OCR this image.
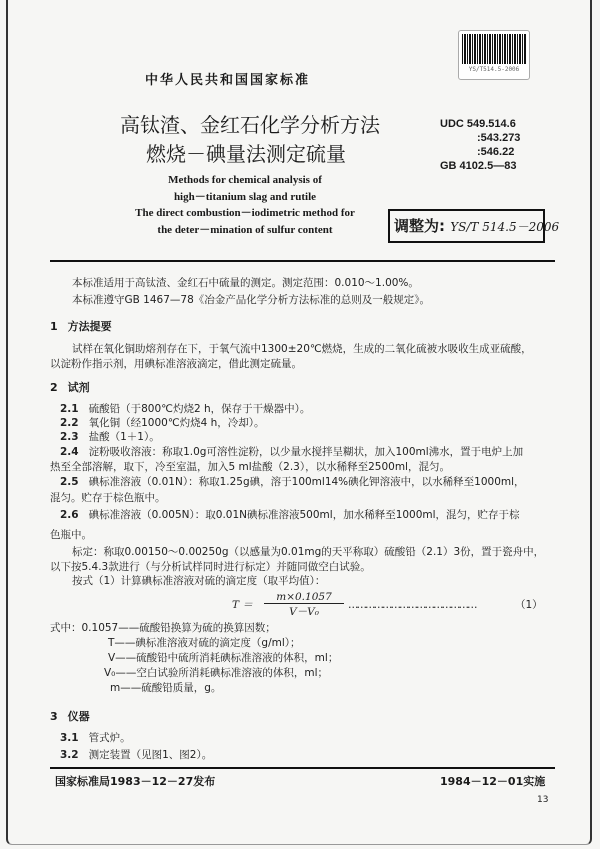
YS/T514.5-2006
中华人民共和国国家标准
高钛渣、金红石化学分析方法
燃烧－碘量法测定硫量
UDC 549.514.6
:543.273
:546.22
GB 4102.5—83
Methods for chemical analysis of
high－titanium slag and rutile
The direct combustion－iodimetric method for
the deter－mination of sulfur content	调整为: YS/T 514.5－2006
本标准适用于高钛渣、金红石中硫量的测定。测定范围：0.010～1.00%。
本标准遵守GB 1467—78《冶金产品化学分析方法标准的总则及一般规定》。
1 方法提要
试样在氧化铜助熔剂存在下，于氧气流中1300±20℃燃烧，生成的二氧化硫被水吸收生成亚硫酸，
以淀粉作指示剂，用碘标准溶液滴定，借此测定硫量。
2 试剂
2.1 硫酸铅（于800℃灼烧2 h，保存于干燥器中）。
2.2 氧化铜（经1000℃灼烧4 h，冷却）。
2.3 盐酸（1＋1）。
2.4 淀粉吸收溶液：称取1.0g可溶性淀粉，以少量水搅拌呈糊状，加入100ml沸水，置于电炉上加
热至全部溶解，取下，冷至室温，加入5 ml盐酸（2.3），以水稀释至2500ml，混匀。
2.5 碘标准溶液（0.01N）：称取1.25g碘，溶于100ml14%碘化钾溶液中，以水稀释至1000ml，
混匀。贮存于棕色瓶中。
2.6 碘标准溶液（0.005N）：取0.01N碘标准溶液500ml，加水稀释至1000ml，混匀，贮存于棕
色瓶中。
标定：称取0.00150～0.00250g（以感量为0.01mg的天平称取）硫酸铅（2.1）3份，置于瓷舟中，
以下按5.4.3款进行（与分析试样同时进行标定）并随同做空白试验。
按式（1）计算碘标准溶液对硫的滴定度（取平均值）：
T ＝
m×0.1057
V－V₀
………………………………………	（1）
式中：0.1057——硫酸铅换算为硫的换算因数；
T——碘标准溶液对硫的滴定度（g/ml）；
V——硫酸铅中硫所消耗碘标准溶液的体积，ml；
V₀——空白试验所消耗碘标准溶液的体积，ml；
m——硫酸铅质量，g。
3 仪器
3.1 管式炉。
3.2 测定装置（见图1、图2）。
国家标准局1983－12－27发布	1984－12－01实施
13
